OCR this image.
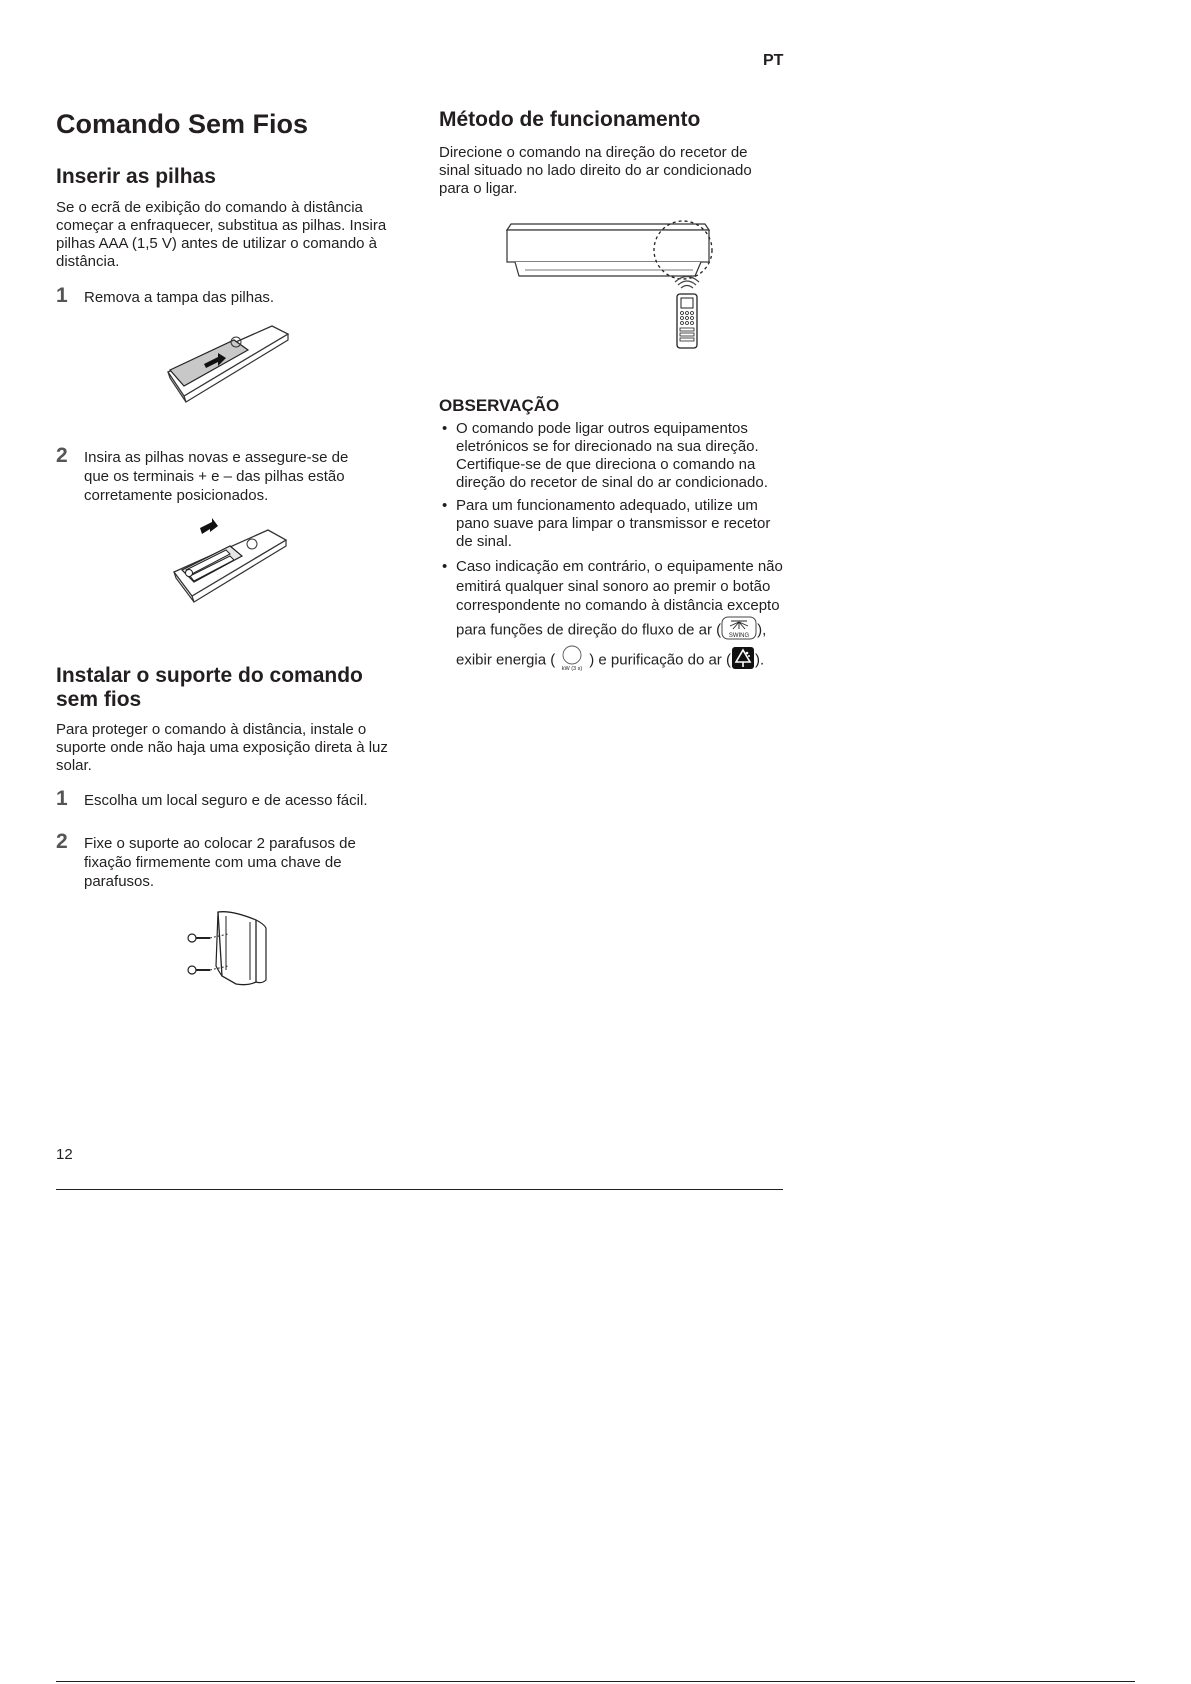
PT
Comando Sem Fios
Inserir as pilhas

Se o ecrã de exibição do comando à distância começar a enfraquecer, substitua as pilhas. Insira pilhas AAA (1,5 V) antes de utilizar o comando à distância.

1 Remova a tampa das pilhas.
2 Insira as pilhas novas e assegure-se de que os terminais + e – das pilhas estão corretamente posicionados.
Instalar o suporte do comando sem fios

Para proteger o comando à distância, instale o suporte onde não haja uma exposição direta à luz solar.

1 Escolha um local seguro e de acesso fácil.
2 Fixe o suporte ao colocar 2 parafusos de fixação firmemente com uma chave de parafusos.
Método de funcionamento

Direcione o comando na direção do recetor de sinal situado no lado direito do ar condicionado para o ligar.

OBSERVAÇÃO
• O comando pode ligar outros equipamentos eletrónicos se for direcionado na sua direção. Certifique-se de que direciona o comando na direção do recetor de sinal do ar condicionado.
• Para um funcionamento adequado, utilize um pano suave para limpar o transmissor e recetor de sinal.
• Caso indicação em contrário, o equipamente não emitirá qualquer sinal sonoro ao premir o botão correspondente no comando à distância excepto para funções de direção do fluxo de ar ( SWING ), exibir energia (
kW (3 s)
) e purificação do ar ( ).
12
